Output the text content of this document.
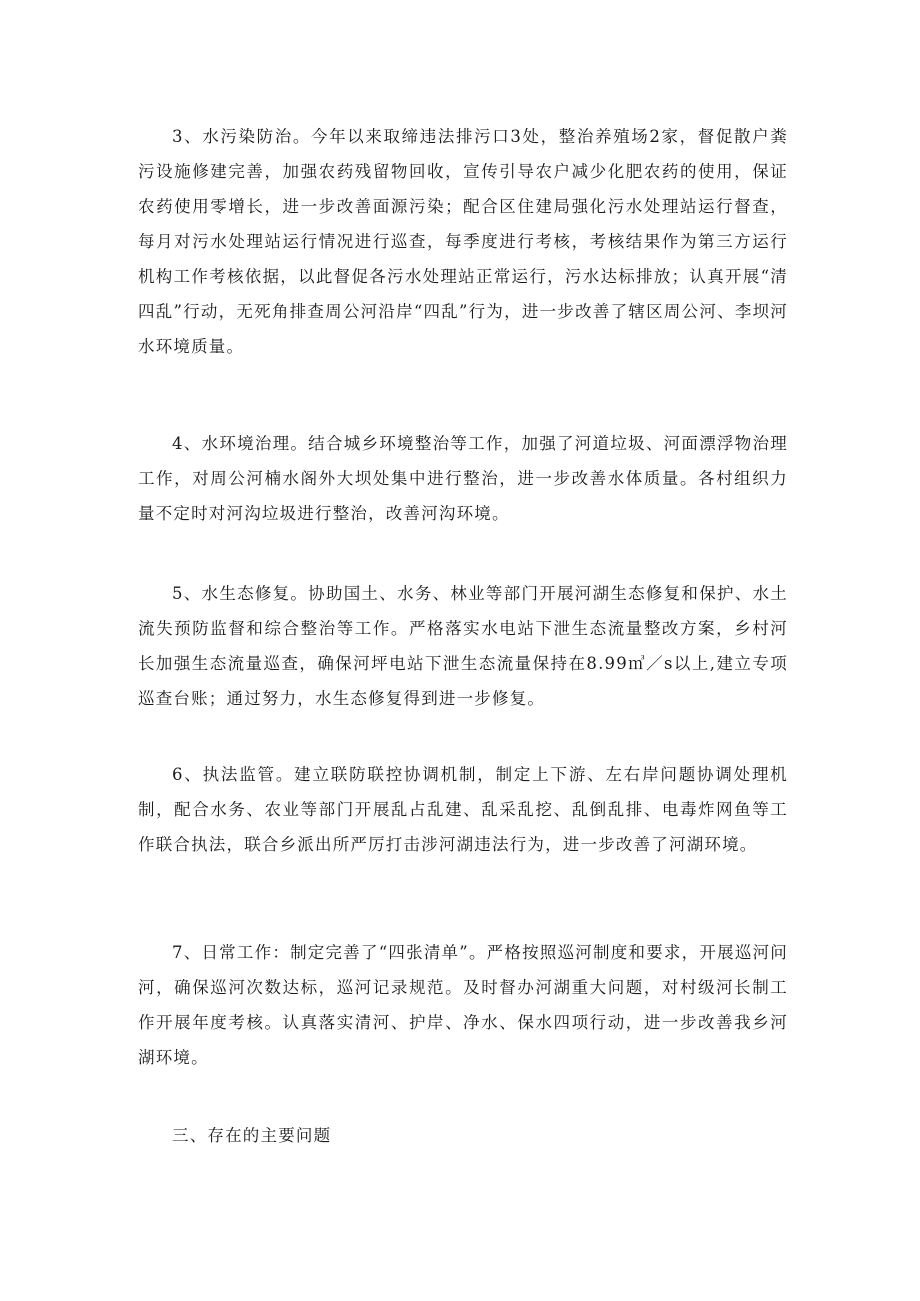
3、水污染防治。今年以来取缔违法排污口3处，整治养殖场2家，督促散户粪污设施修建完善，加强农药残留物回收，宣传引导农户减少化肥农药的使用，保证农药使用零增长，进一步改善面源污染；配合区住建局强化污水处理站运行督查，每月对污水处理站运行情况进行巡查，每季度进行考核，考核结果作为第三方运行机构工作考核依据，以此督促各污水处理站正常运行，污水达标排放；认真开展“清四乱”行动，无死角排查周公河沿岸“四乱”行为，进一步改善了辖区周公河、李坝河水环境质量。

4、水环境治理。结合城乡环境整治等工作，加强了河道垃圾、河面漂浮物治理工作，对周公河楠水阁外大坝处集中进行整治，进一步改善水体质量。各村组织力量不定时对河沟垃圾进行整治，改善河沟环境。

5、水生态修复。协助国土、水务、林业等部门开展河湖生态修复和保护、水土流失预防监督和综合整治等工作。严格落实水电站下泄生态流量整改方案，乡村河长加强生态流量巡查，确保河坪电站下泄生态流量保持在8.99㎥／s以上,建立专项巡查台账；通过努力，水生态修复得到进一步修复。

6、执法监管。建立联防联控协调机制，制定上下游、左右岸问题协调处理机制，配合水务、农业等部门开展乱占乱建、乱采乱挖、乱倒乱排、电毒炸网鱼等工作联合执法，联合乡派出所严厉打击涉河湖违法行为，进一步改善了河湖环境。

7、日常工作：制定完善了“四张清单”。严格按照巡河制度和要求，开展巡河问河，确保巡河次数达标，巡河记录规范。及时督办河湖重大问题，对村级河长制工作开展年度考核。认真落实清河、护岸、净水、保水四项行动，进一步改善我乡河湖环境。

三、存在的主要问题
